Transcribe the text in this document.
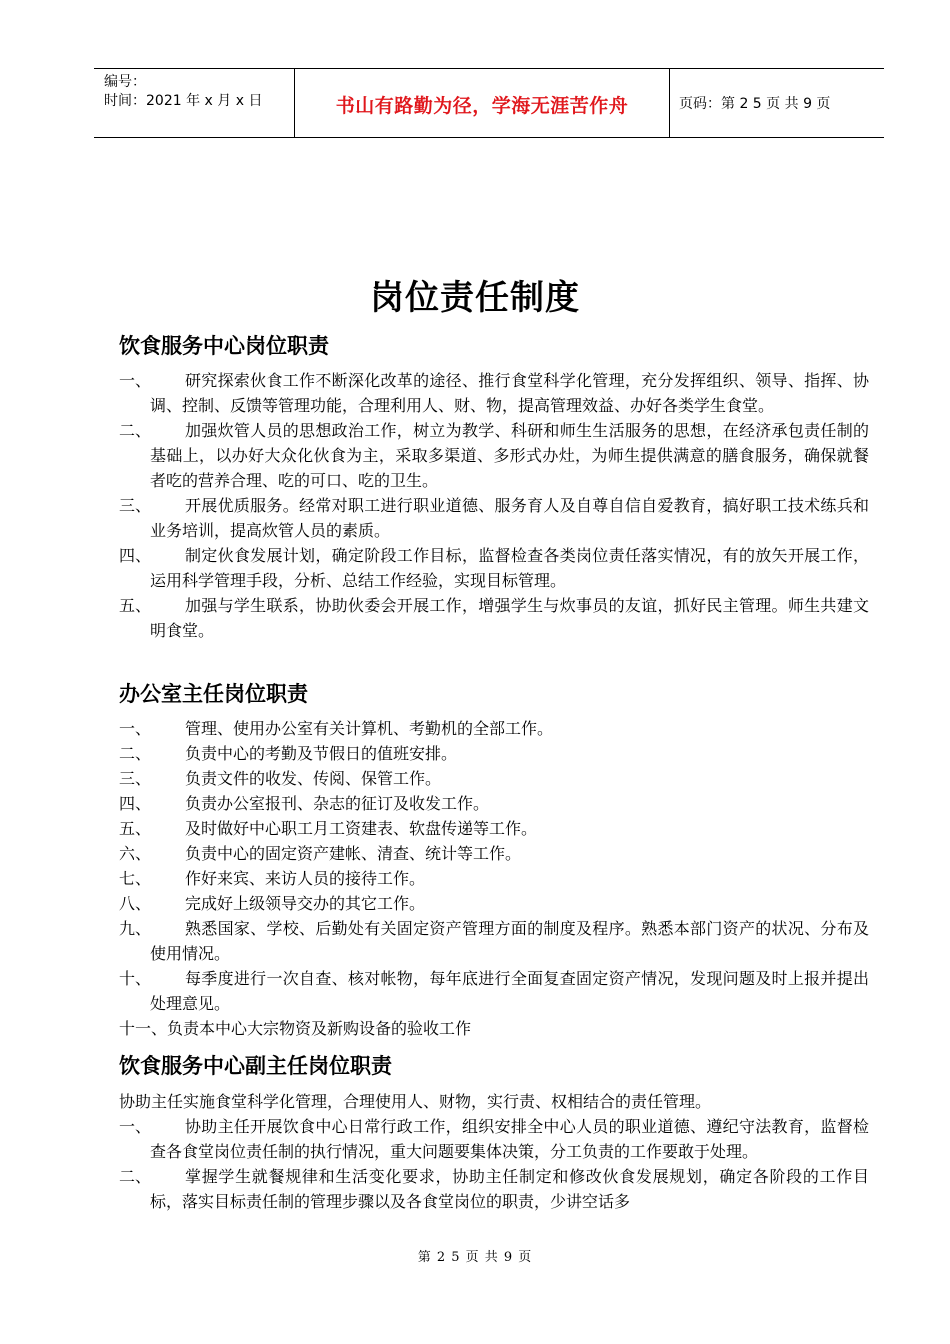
编号：
时间：2021 年 x 月 x 日	书山有路勤为径，学海无涯苦作舟	页码：第 2 5 页 共 9 页
岗位责任制度
饮食服务中心岗位职责
一、	研究探索伙食工作不断深化改革的途径、推行食堂科学化管理，充分发挥组织、领导、指挥、协调、控制、反馈等管理功能，合理利用人、财、物，提高管理效益、办好各类学生食堂。
二、	加强炊管人员的思想政治工作，树立为教学、科研和师生生活服务的思想，在经济承包责任制的基础上，以办好大众化伙食为主，采取多渠道、多形式办灶，为师生提供满意的膳食服务，确保就餐者吃的营养合理、吃的可口、吃的卫生。
三、	开展优质服务。经常对职工进行职业道德、服务育人及自尊自信自爱教育，搞好职工技术练兵和业务培训，提高炊管人员的素质。
四、	制定伙食发展计划，确定阶段工作目标，监督检查各类岗位责任落实情况，有的放矢开展工作，运用科学管理手段，分析、总结工作经验，实现目标管理。
五、	加强与学生联系，协助伙委会开展工作，增强学生与炊事员的友谊，抓好民主管理。师生共建文明食堂。
办公室主任岗位职责
一、	管理、使用办公室有关计算机、考勤机的全部工作。
二、	负责中心的考勤及节假日的值班安排。
三、	负责文件的收发、传阅、保管工作。
四、	负责办公室报刊、杂志的征订及收发工作。
五、	及时做好中心职工月工资建表、软盘传递等工作。
六、	负责中心的固定资产建帐、清查、统计等工作。
七、	作好来宾、来访人员的接待工作。
八、	完成好上级领导交办的其它工作。
九、	熟悉国家、学校、后勤处有关固定资产管理方面的制度及程序。熟悉本部门资产的状况、分布及使用情况。
十、	每季度进行一次自查、核对帐物，每年底进行全面复查固定资产情况，发现问题及时上报并提出处理意见。
十一、负责本中心大宗物资及新购设备的验收工作
饮食服务中心副主任岗位职责
协助主任实施食堂科学化管理，合理使用人、财物，实行责、权相结合的责任管理。
一、	协助主任开展饮食中心日常行政工作，组织安排全中心人员的职业道德、遵纪守法教育，监督检查各食堂岗位责任制的执行情况，重大问题要集体决策，分工负责的工作要敢于处理。
二、	掌握学生就餐规律和生活变化要求，协助主任制定和修改伙食发展规划，确定各阶段的工作目标，落实目标责任制的管理步骤以及各食堂岗位的职责，少讲空话多
第 2 5 页 共 9 页
